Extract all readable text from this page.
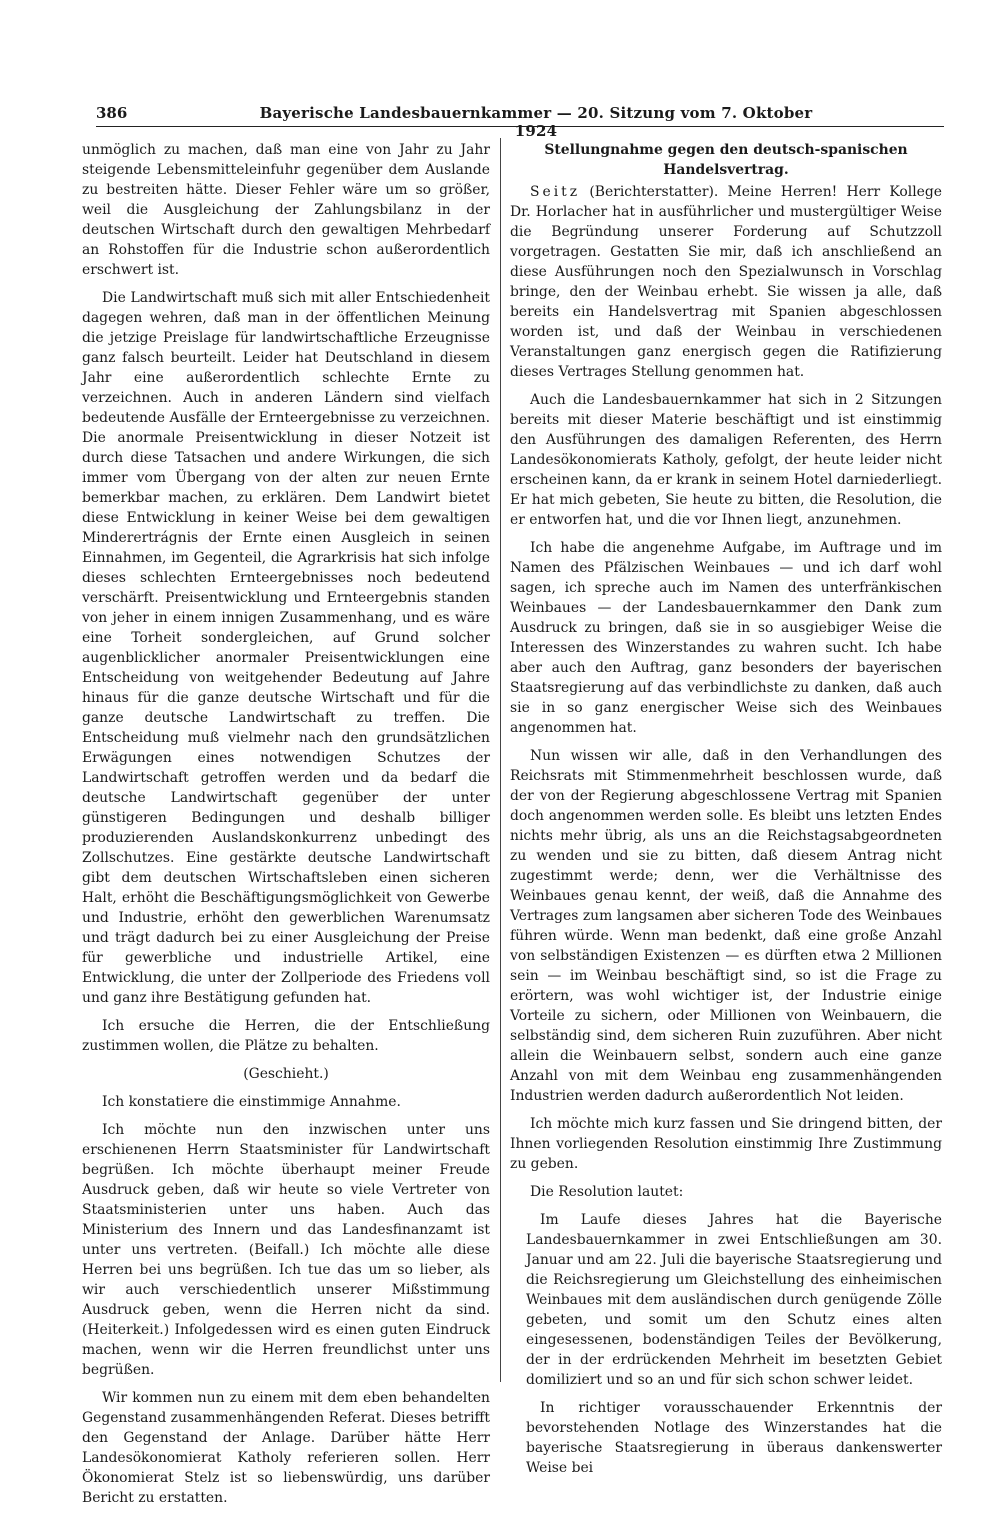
386	Bayerische Landesbauernkammer — 20. Sitzung vom 7. Oktober 1924

unmöglich zu machen, daß man eine von Jahr zu Jahr steigende Lebensmitteleinfuhr gegenüber dem Auslande zu bestreiten hätte. Dieser Fehler wäre um so größer, weil die Ausgleichung der Zahlungsbilanz in der deutschen Wirtschaft durch den gewaltigen Mehrbedarf an Rohstoffen für die Industrie schon außerordentlich erschwert ist.

Die Landwirtschaft muß sich mit aller Entschiedenheit dagegen wehren, daß man in der öffentlichen Meinung die jetzige Preislage für landwirtschaftliche Erzeugnisse ganz falsch beurteilt. Leider hat Deutschland in diesem Jahr eine außerordentlich schlechte Ernte zu verzeichnen. Auch in anderen Ländern sind vielfach bedeutende Ausfälle der Ernteergebnisse zu verzeichnen. Die anormale Preisentwicklung in dieser Notzeit ist durch diese Tatsachen und andere Wirkungen, die sich immer vom Übergang von der alten zur neuen Ernte bemerkbar machen, zu erklären. Dem Landwirt bietet diese Entwicklung in keiner Weise bei dem gewaltigen Minderertrágnis der Ernte einen Ausgleich in seinen Einnahmen, im Gegenteil, die Agrarkrisis hat sich infolge dieses schlechten Ernteergebnisses noch bedeutend verschärft. Preisentwicklung und Ernteergebnis standen von jeher in einem innigen Zusammenhang, und es wäre eine Torheit sondergleichen, auf Grund solcher augenblicklicher anormaler Preisentwicklungen eine Entscheidung von weitgehender Bedeutung auf Jahre hinaus für die ganze deutsche Wirtschaft und für die ganze deutsche Landwirtschaft zu treffen. Die Entscheidung muß vielmehr nach den grundsätzlichen Erwägungen eines notwendigen Schutzes der Landwirtschaft getroffen werden und da bedarf die deutsche Landwirtschaft gegenüber der unter günstigeren Bedingungen und deshalb billiger produzierenden Auslandskonkurrenz unbedingt des Zollschutzes. Eine gestärkte deutsche Landwirtschaft gibt dem deutschen Wirtschaftsleben einen sicheren Halt, erhöht die Beschäftigungsmöglichkeit von Gewerbe und Industrie, erhöht den gewerblichen Warenumsatz und trägt dadurch bei zu einer Ausgleichung der Preise für gewerbliche und industrielle Artikel, eine Entwicklung, die unter der Zollperiode des Friedens voll und ganz ihre Bestätigung gefunden hat.

Ich ersuche die Herren, die der Entschließung zustimmen wollen, die Plätze zu behalten.

(Geschieht.)

Ich konstatiere die einstimmige Annahme.

Ich möchte nun den inzwischen unter uns erschienenen Herrn Staatsminister für Landwirtschaft begrüßen. Ich möchte überhaupt meiner Freude Ausdruck geben, daß wir heute so viele Vertreter von Staatsministerien unter uns haben. Auch das Ministerium des Innern und das Landesfinanzamt ist unter uns vertreten. (Beifall.) Ich möchte alle diese Herren bei uns begrüßen. Ich tue das um so lieber, als wir auch verschiedentlich unserer Mißstimmung Ausdruck geben, wenn die Herren nicht da sind. (Heiterkeit.) Infolgedessen wird es einen guten Eindruck machen, wenn wir die Herren freundlichst unter uns begrüßen.

Wir kommen nun zu einem mit dem eben behandelten Gegenstand zusammenhängenden Referat. Dieses betrifft den Gegenstand der Anlage. Darüber hätte Herr Landesökonomierat Katholy referieren sollen. Herr Ökonomierat Stelz ist so liebenswürdig, uns darüber Bericht zu erstatten.

Stellungnahme gegen den deutsch-spanischen Handelsvertrag.

Seitz (Berichterstatter). Meine Herren! Herr Kollege Dr. Horlacher hat in ausführlicher und mustergültiger Weise die Begründung unserer Forderung auf Schutzzoll vorgetragen. Gestatten Sie mir, daß ich anschließend an diese Ausführungen noch den Spezialwunsch in Vorschlag bringe, den der Weinbau erhebt. Sie wissen ja alle, daß bereits ein Handelsvertrag mit Spanien abgeschlossen worden ist, und daß der Weinbau in verschiedenen Veranstaltungen ganz energisch gegen die Ratifizierung dieses Vertrages Stellung genommen hat.

Auch die Landesbauernkammer hat sich in 2 Sitzungen bereits mit dieser Materie beschäftigt und ist einstimmig den Ausführungen des damaligen Referenten, des Herrn Landesökonomierats Katholy, gefolgt, der heute leider nicht erscheinen kann, da er krank in seinem Hotel darniederliegt. Er hat mich gebeten, Sie heute zu bitten, die Resolution, die er entworfen hat, und die vor Ihnen liegt, anzunehmen.

Ich habe die angenehme Aufgabe, im Auftrage und im Namen des Pfälzischen Weinbaues — und ich darf wohl sagen, ich spreche auch im Namen des unterfränkischen Weinbaues — der Landesbauernkammer den Dank zum Ausdruck zu bringen, daß sie in so ausgiebiger Weise die Interessen des Winzerstandes zu wahren sucht. Ich habe aber auch den Auftrag, ganz besonders der bayerischen Staatsregierung auf das verbindlichste zu danken, daß auch sie in so ganz energischer Weise sich des Weinbaues angenommen hat.

Nun wissen wir alle, daß in den Verhandlungen des Reichsrats mit Stimmenmehrheit beschlossen wurde, daß der von der Regierung abgeschlossene Vertrag mit Spanien doch angenommen werden solle. Es bleibt uns letzten Endes nichts mehr übrig, als uns an die Reichstagsabgeordneten zu wenden und sie zu bitten, daß diesem Antrag nicht zugestimmt werde; denn, wer die Verhältnisse des Weinbaues genau kennt, der weiß, daß die Annahme des Vertrages zum langsamen aber sicheren Tode des Weinbaues führen würde. Wenn man bedenkt, daß eine große Anzahl von selbständigen Existenzen — es dürften etwa 2 Millionen sein — im Weinbau beschäftigt sind, so ist die Frage zu erörtern, was wohl wichtiger ist, der Industrie einige Vorteile zu sichern, oder Millionen von Weinbauern, die selbständig sind, dem sicheren Ruin zuzuführen. Aber nicht allein die Weinbauern selbst, sondern auch eine ganze Anzahl von mit dem Weinbau eng zusammenhängenden Industrien werden dadurch außerordentlich Not leiden.

Ich möchte mich kurz fassen und Sie dringend bitten, der Ihnen vorliegenden Resolution einstimmig Ihre Zustimmung zu geben.

Die Resolution lautet:

Im Laufe dieses Jahres hat die Bayerische Landesbauernkammer in zwei Entschließungen am 30. Januar und am 22. Juli die bayerische Staatsregierung und die Reichsregierung um Gleichstellung des einheimischen Weinbaues mit dem ausländischen durch genügende Zölle gebeten, und somit um den Schutz eines alten eingesessenen, bodenständigen Teiles der Bevölkerung, der in der erdrückenden Mehrheit im besetzten Gebiet domiliziert und so an und für sich schon schwer leidet.

In richtiger vorausschauender Erkenntnis der bevorstehenden Notlage des Winzerstandes hat die bayerische Staatsregierung in überaus dankenswerter Weise bei
